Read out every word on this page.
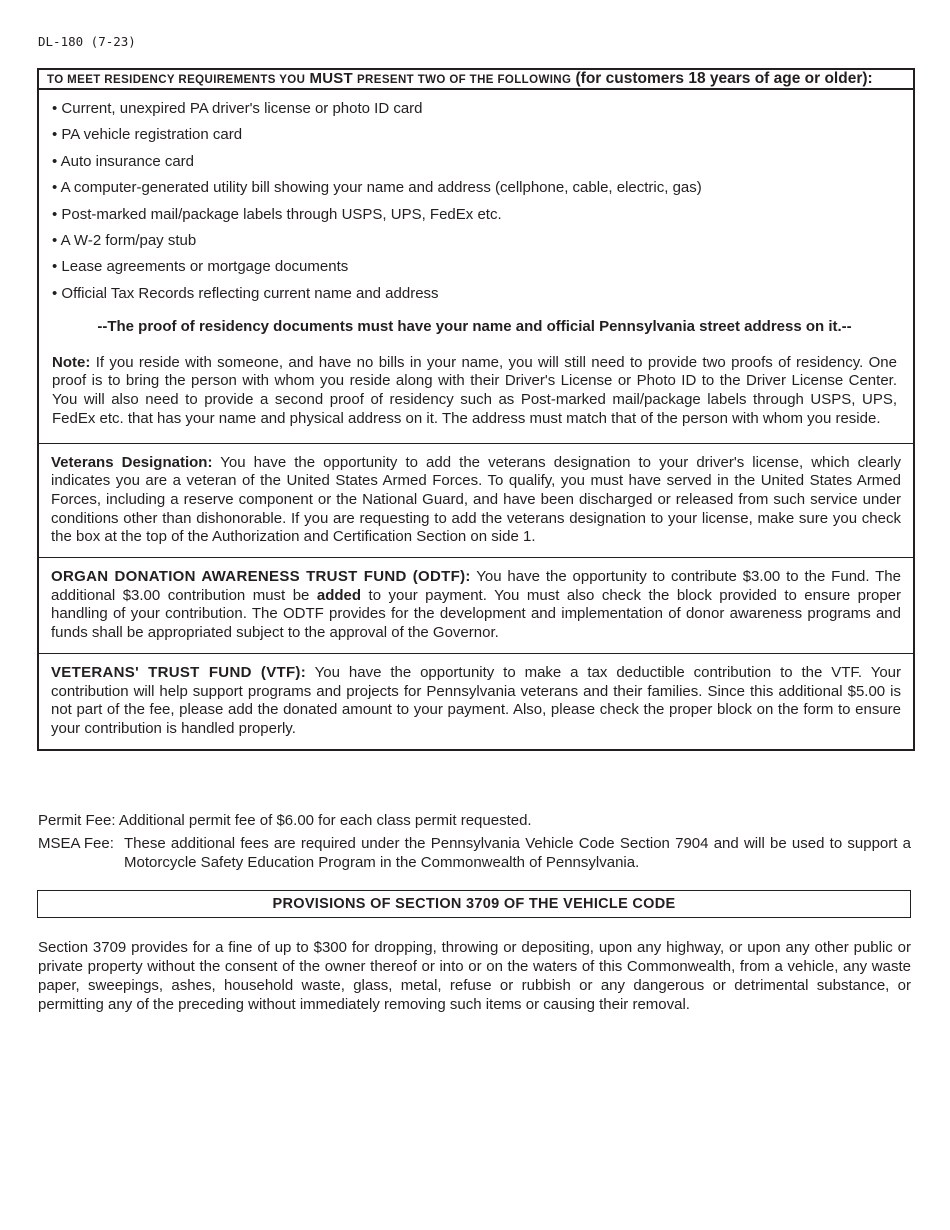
DL-180 (7-23)
TO MEET RESIDENCY REQUIREMENTS YOU MUST PRESENT TWO OF THE FOLLOWING (for customers 18 years of age or older):
• Current, unexpired PA driver's license or photo ID card
• PA vehicle registration card
• Auto insurance card
• A computer-generated utility bill showing your name and address (cellphone, cable, electric, gas)
• Post-marked mail/package labels through USPS, UPS, FedEx etc.
• A W-2 form/pay stub
• Lease agreements or mortgage documents
• Official Tax Records reflecting current name and address
--The proof of residency documents must have your name and official Pennsylvania street address on it.--

Note: If you reside with someone, and have no bills in your name, you will still need to provide two proofs of residency. One proof is to bring the person with whom you reside along with their Driver's License or Photo ID to the Driver License Center. You will also need to provide a second proof of residency such as Post-marked mail/package labels through USPS, UPS, FedEx etc. that has your name and physical address on it. The address must match that of the person with whom you reside.

Veterans Designation: You have the opportunity to add the veterans designation to your driver's license, which clearly indicates you are a veteran of the United States Armed Forces. To qualify, you must have served in the United States Armed Forces, including a reserve component or the National Guard, and have been discharged or released from such service under conditions other than dishonorable. If you are requesting to add the veterans designation to your license, make sure you check the box at the top of the Authorization and Certification Section on side 1.

ORGAN DONATION AWARENESS TRUST FUND (ODTF): You have the opportunity to contribute $3.00 to the Fund. The additional $3.00 contribution must be added to your payment. You must also check the block provided to ensure proper handling of your contribution. The ODTF provides for the development and implementation of donor awareness programs and funds shall be appropriated subject to the approval of the Governor.

VETERANS' TRUST FUND (VTF): You have the opportunity to make a tax deductible contribution to the VTF. Your contribution will help support programs and projects for Pennsylvania veterans and their families. Since this additional $5.00 is not part of the fee, please add the donated amount to your payment. Also, please check the proper block on the form to ensure your contribution is handled properly.

Permit Fee: Additional permit fee of $6.00 for each class permit requested.
MSEA Fee: These additional fees are required under the Pennsylvania Vehicle Code Section 7904 and will be used to support a Motorcycle Safety Education Program in the Commonwealth of Pennsylvania.
PROVISIONS OF SECTION 3709 OF THE VEHICLE CODE

Section 3709 provides for a fine of up to $300 for dropping, throwing or depositing, upon any highway, or upon any other public or private property without the consent of the owner thereof or into or on the waters of this Commonwealth, from a vehicle, any waste paper, sweepings, ashes, household waste, glass, metal, refuse or rubbish or any dangerous or detrimental substance, or permitting any of the preceding without immediately removing such items or causing their removal.
